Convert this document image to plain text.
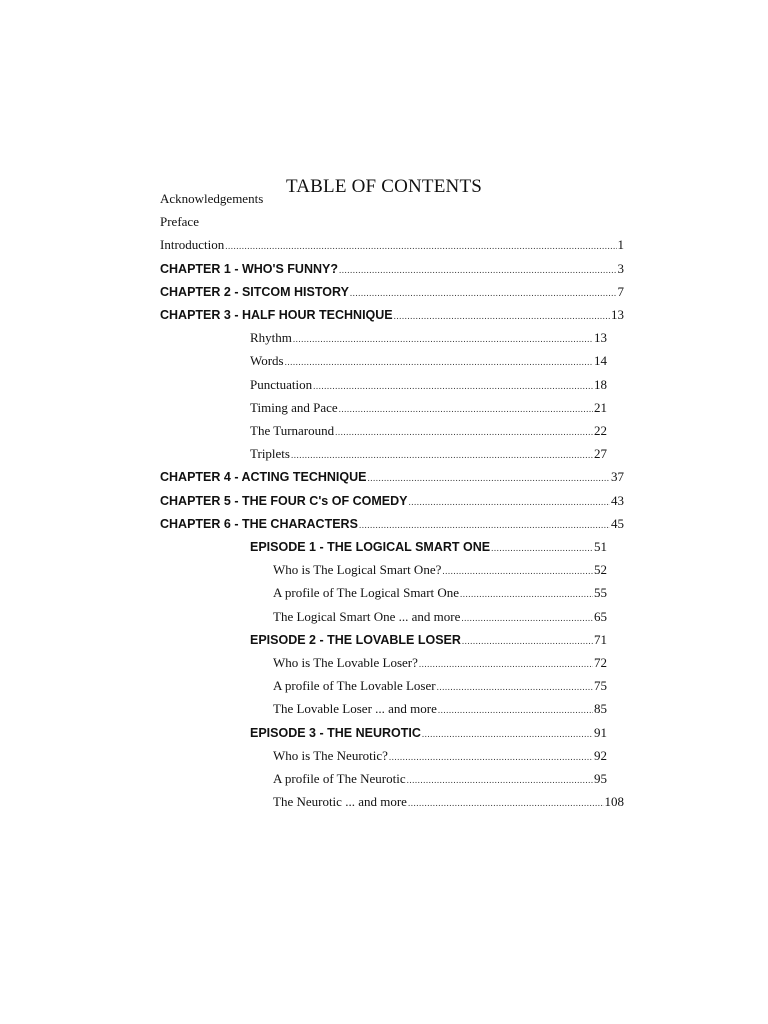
TABLE OF CONTENTS
Acknowledgements
Preface
Introduction .....	1
CHAPTER 1 - WHO'S FUNNY? .....	3
CHAPTER 2 - SITCOM HISTORY .....	7
CHAPTER 3 - HALF HOUR TECHNIQUE .....	13
Rhythm .....	13
Words .....	14
Punctuation .....	18
Timing and Pace .....	21
The Turnaround .....	22
Triplets .....	27
CHAPTER 4 - ACTING TECHNIQUE .....	37
CHAPTER 5 - THE FOUR C's OF COMEDY .....	43
CHAPTER 6 - THE CHARACTERS .....	45
EPISODE 1 - THE LOGICAL SMART ONE .....	51
Who is The Logical Smart One? .....	52
A profile of The Logical Smart One .....	55
The Logical Smart One ... and more .....	65
EPISODE 2 - THE LOVABLE LOSER .....	71
Who is The Lovable Loser? .....	72
A profile of The Lovable Loser .....	75
The Lovable Loser ... and more .....	85
EPISODE 3 - THE NEUROTIC .....	91
Who is The Neurotic? .....	92
A profile of The Neurotic .....	95
The Neurotic ... and more .....	108
